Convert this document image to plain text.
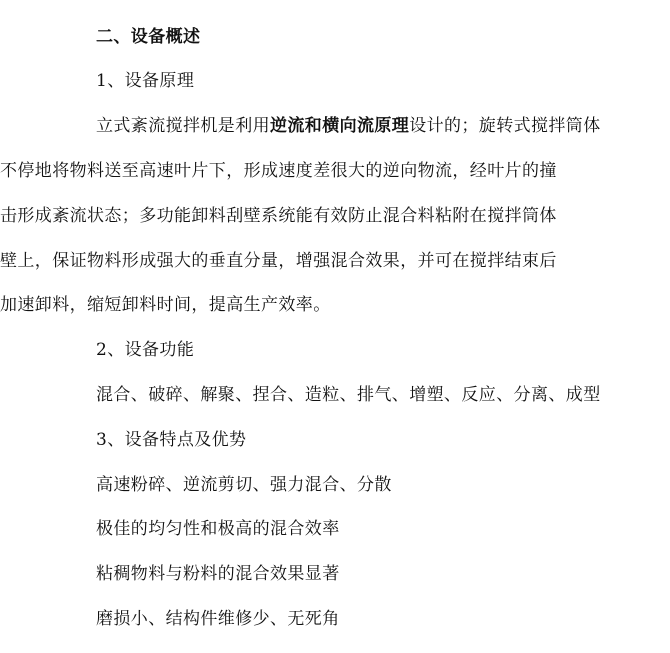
二、设备概述
1、设备原理
立式紊流搅拌机是利用逆流和横向流原理设计的；旋转式搅拌筒体
不停地将物料送至高速叶片下，形成速度差很大的逆向物流，经叶片的撞
击形成紊流状态；多功能卸料刮壁系统能有效防止混合料粘附在搅拌筒体
壁上，保证物料形成强大的垂直分量，增强混合效果，并可在搅拌结束后
加速卸料，缩短卸料时间，提高生产效率。
2、设备功能
混合、破碎、解聚、捏合、造粒、排气、增塑、反应、分离、成型
3、设备特点及优势
高速粉碎、逆流剪切、强力混合、分散
极佳的均匀性和极高的混合效率
粘稠物料与粉料的混合效果显著
磨损小、结构件维修少、无死角
